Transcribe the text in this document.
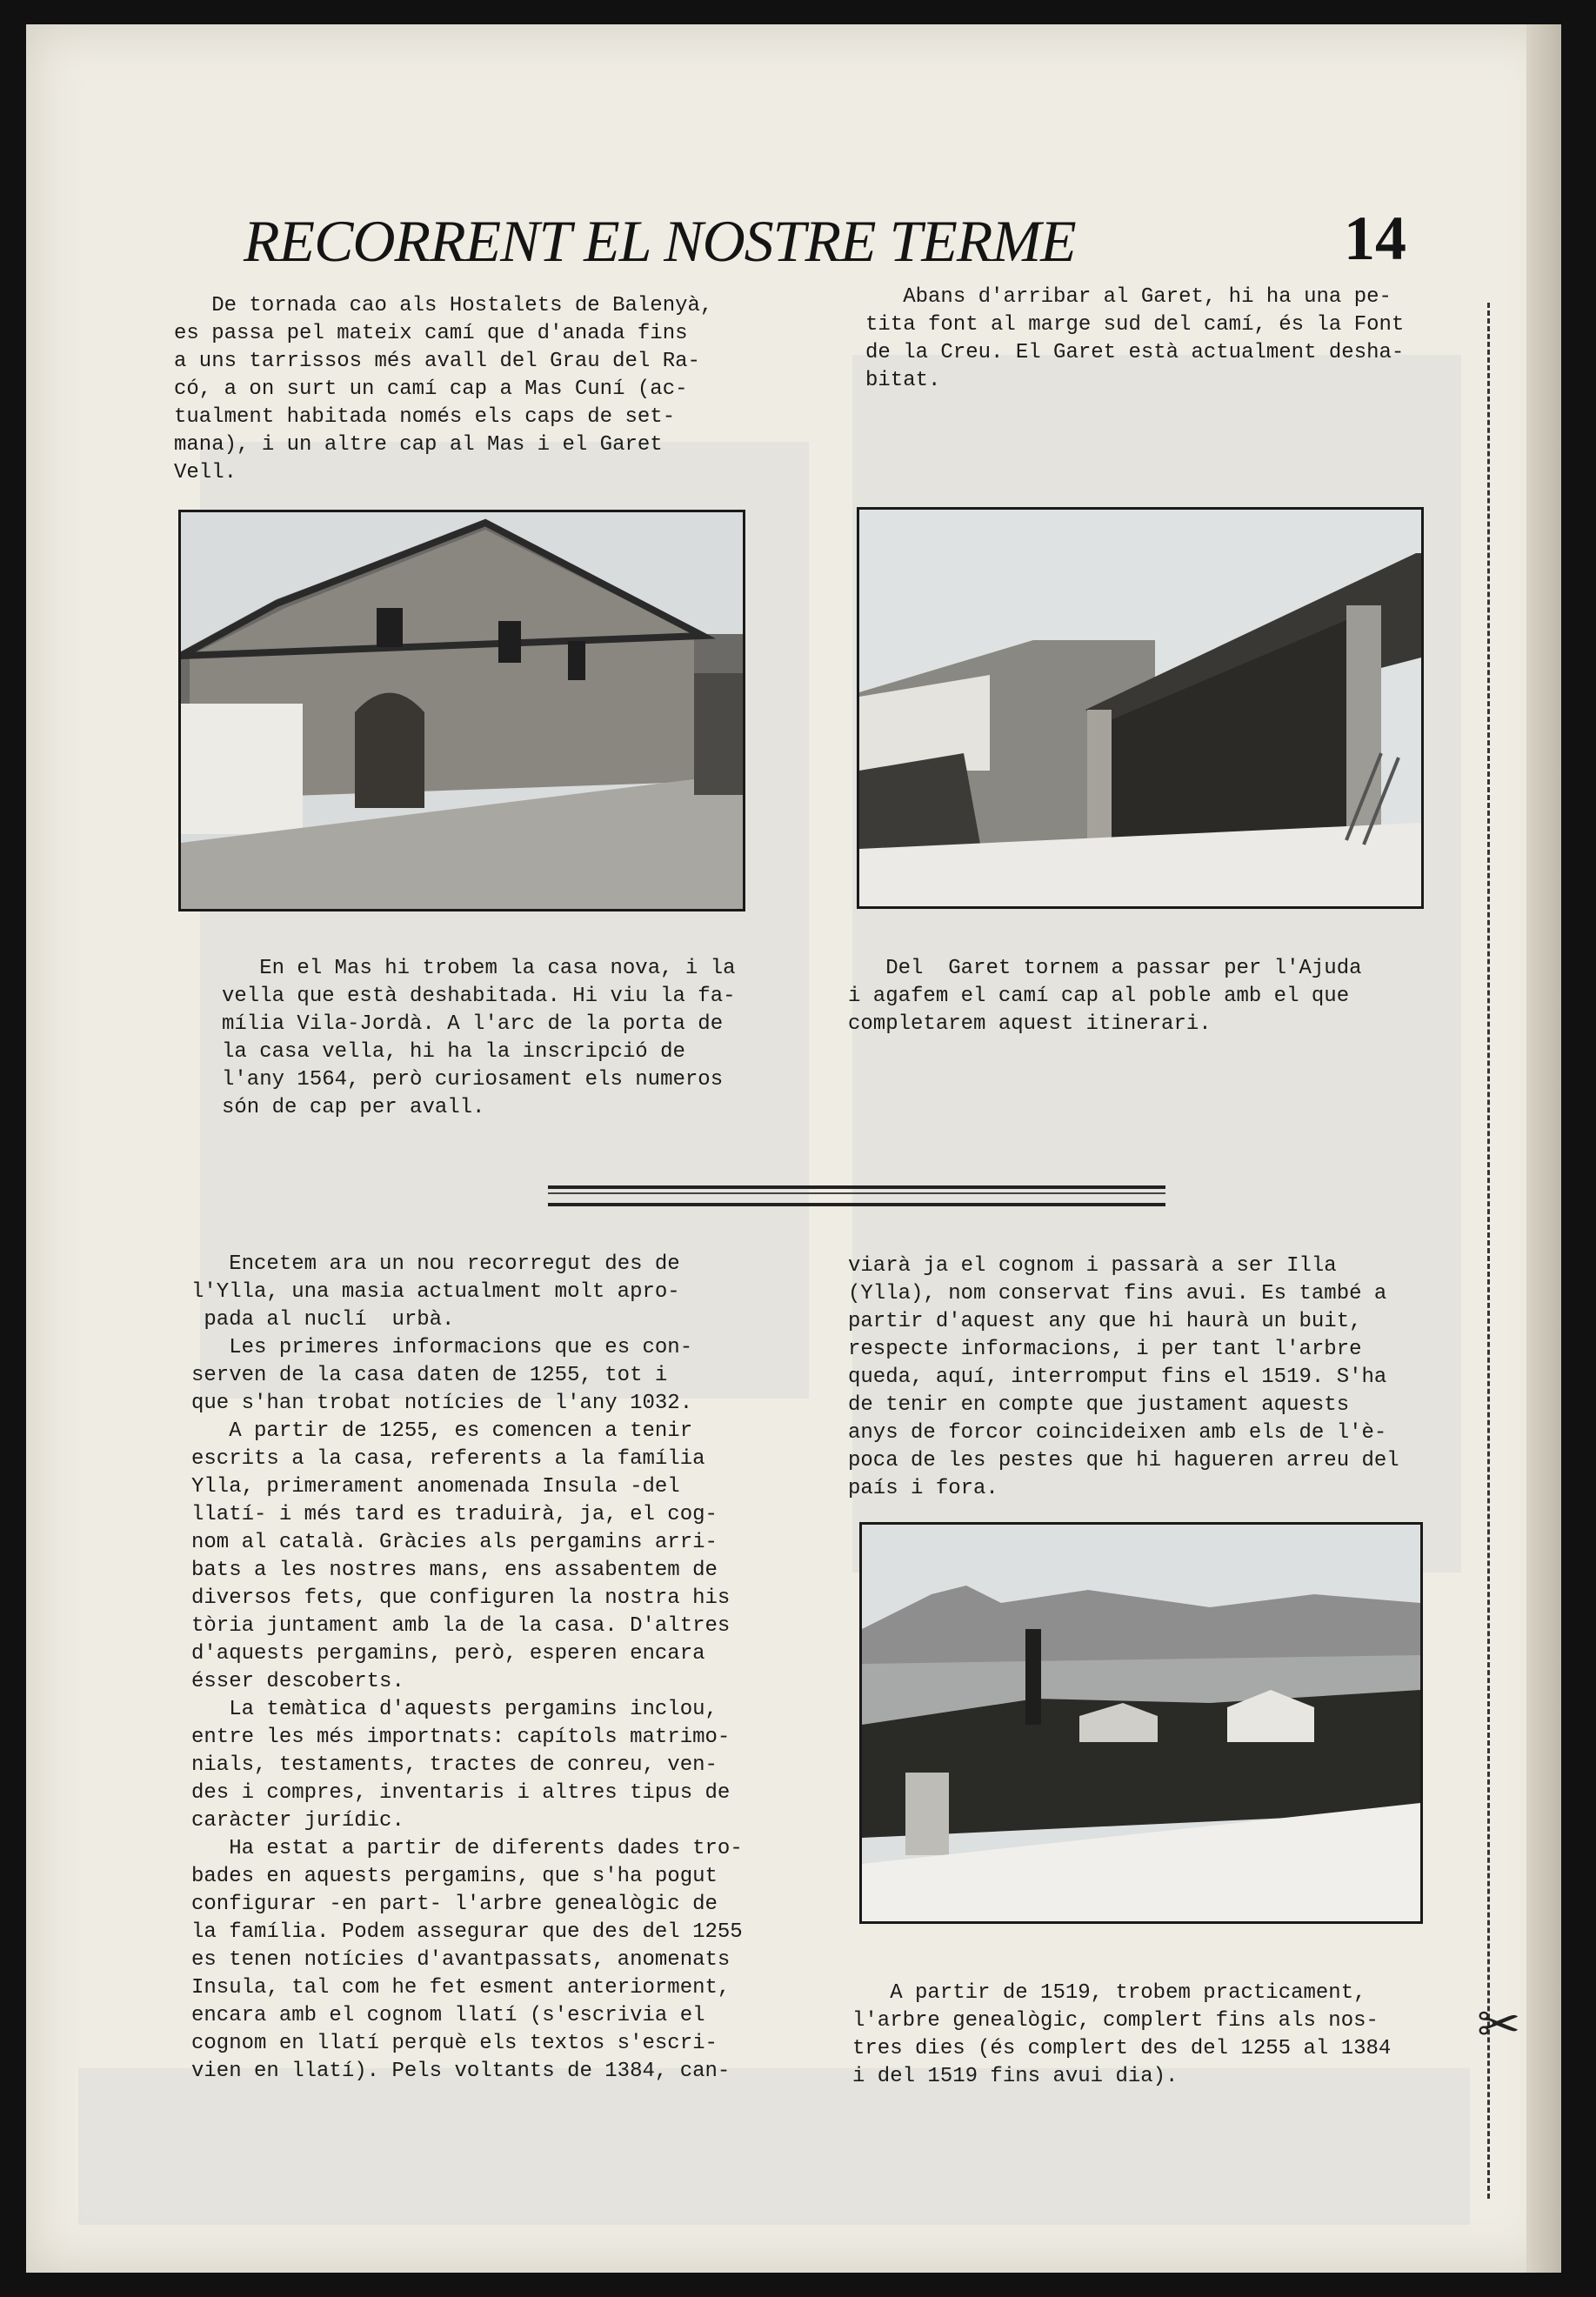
RECORRENT EL NOSTRE TERME	14
De tornada cao als Hostalets de Balenyà,
es passa pel mateix camí que d'anada fins
a uns tarrissos més avall del Grau del Ra-
có, a on surt un camí cap a Mas Cuní (ac-
tualment habitada només els caps de set-
mana), i un altre cap al Mas i el Garet
Vell.
En el Mas hi trobem la casa nova, i la
vella que està deshabitada. Hi viu la fa-
mília Vila-Jordà. A l'arc de la porta de
la casa vella, hi ha la inscripció de
l'any 1564, però curiosament els numeros
són de cap per avall.
Abans d'arribar al Garet, hi ha una pe-
tita font al marge sud del camí, és la Font
de la Creu. El Garet està actualment desha-
bitat.
Del  Garet tornem a passar per l'Ajuda
i agafem el camí cap al poble amb el que
completarem aquest itinerari.
Encetem ara un nou recorregut des de
l'Ylla, una masia actualment molt apro-
pada al nuclí  urbà.
Les primeres informacions que es con-
serven de la casa daten de 1255, tot i
que s'han trobat notícies de l'any 1032.
A partir de 1255, es comencen a tenir
escrits a la casa, referents a la família
Ylla, primerament anomenada Insula -del
llatí- i més tard es traduirà, ja, el cog-
nom al català. Gràcies als pergamins arri-
bats a les nostres mans, ens assabentem de
diversos fets, que configuren la nostra his
tòria juntament amb la de la casa. D'altres
d'aquests pergamins, però, esperen encara
ésser descoberts.
La temàtica d'aquests pergamins inclou,
entre les més importnats: capítols matrimo-
nials, testaments, tractes de conreu, ven-
des i compres, inventaris i altres tipus de
caràcter jurídic.
Ha estat a partir de diferents dades tro-
bades en aquests pergamins, que s'ha pogut
configurar -en part- l'arbre genealògic de
la família. Podem assegurar que des del 1255
es tenen notícies d'avantpassats, anomenats
Insula, tal com he fet esment anteriorment,
encara amb el cognom llatí (s'escrivia el
cognom en llatí perquè els textos s'escri-
vien en llatí). Pels voltants de 1384, can-
viarà ja el cognom i passarà a ser Illa
(Ylla), nom conservat fins avui. Es també a
partir d'aquest any que hi haurà un buit,
respecte informacions, i per tant l'arbre
queda, aquí, interromput fins el 1519. S'ha
de tenir en compte que justament aquests
anys de forcor coincideixen amb els de l'è-
poca de les pestes que hi hagueren arreu del
país i fora.
A partir de 1519, trobem practicament,
l'arbre genealògic, complert fins als nos-
tres dies (és complert des del 1255 al 1384
i del 1519 fins avui dia).
✂
